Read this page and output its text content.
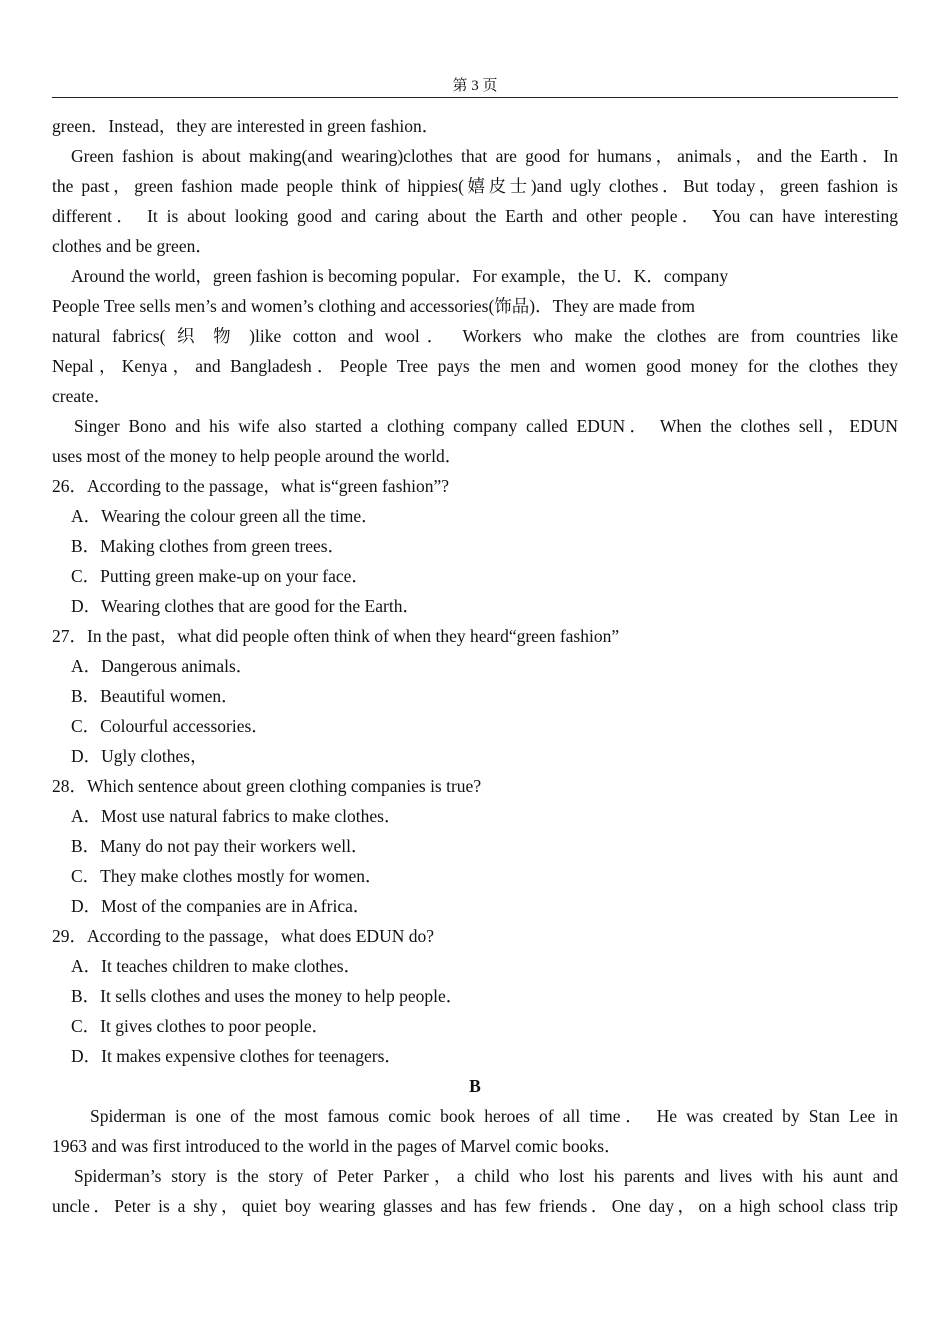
第 3 页
green．Instead，they are interested in green fashion．
Green fashion is about making(and wearing)clothes that are good for humans，animals，and the Earth．In
the past，green fashion made people think of hippies(嬉皮士)and ugly clothes．But today，green fashion is
different． It is about looking good and caring about the Earth and other people． You can have interesting
clothes and be green．
Around the world，green fashion is becoming popular．For example，the U．K．company
People Tree sells men’s and women’s clothing and accessories(饰品)．They are made from
natural fabrics( 织 物 )like cotton and wool． Workers who make the clothes are from countries like
Nepal，Kenya，and Bangladesh．People Tree pays the men and women good money for the clothes they
create．
Singer Bono and his wife also started a clothing company called EDUN． When the clothes sell，EDUN
uses most of the money to help people around the world．
26．According to the passage，what is“green fashion”?
A．Wearing the colour green all the time．
B．Making clothes from green trees．
C．Putting green make-up on your face．
D．Wearing clothes that are good for the Earth．
27．In the past，what did people often think of when they heard“green fashion”
A．Dangerous animals．
B．Beautiful women．
C．Colourful accessories．
D．Ugly clothes，
28．Which sentence about green clothing companies is true?
A．Most use natural fabrics to make clothes．
B．Many do not pay their workers well．
C．They make clothes mostly for women．
D．Most of the companies are in Africa．
29．According to the passage，what does EDUN do?
A．It teaches children to make clothes．
B．It sells clothes and uses the money to help people．
C．It gives clothes to poor people．
D．It makes expensive clothes for teenagers．
B
Spiderman is one of the most famous comic book heroes of all time． He was created by Stan Lee in
1963 and was first introduced to the world in the pages of Marvel comic books．
Spiderman’s story is the story of Peter Parker，a child who lost his parents and lives with his aunt and
uncle．Peter is a shy，quiet boy wearing glasses and has few friends．One day，on a high school class trip
